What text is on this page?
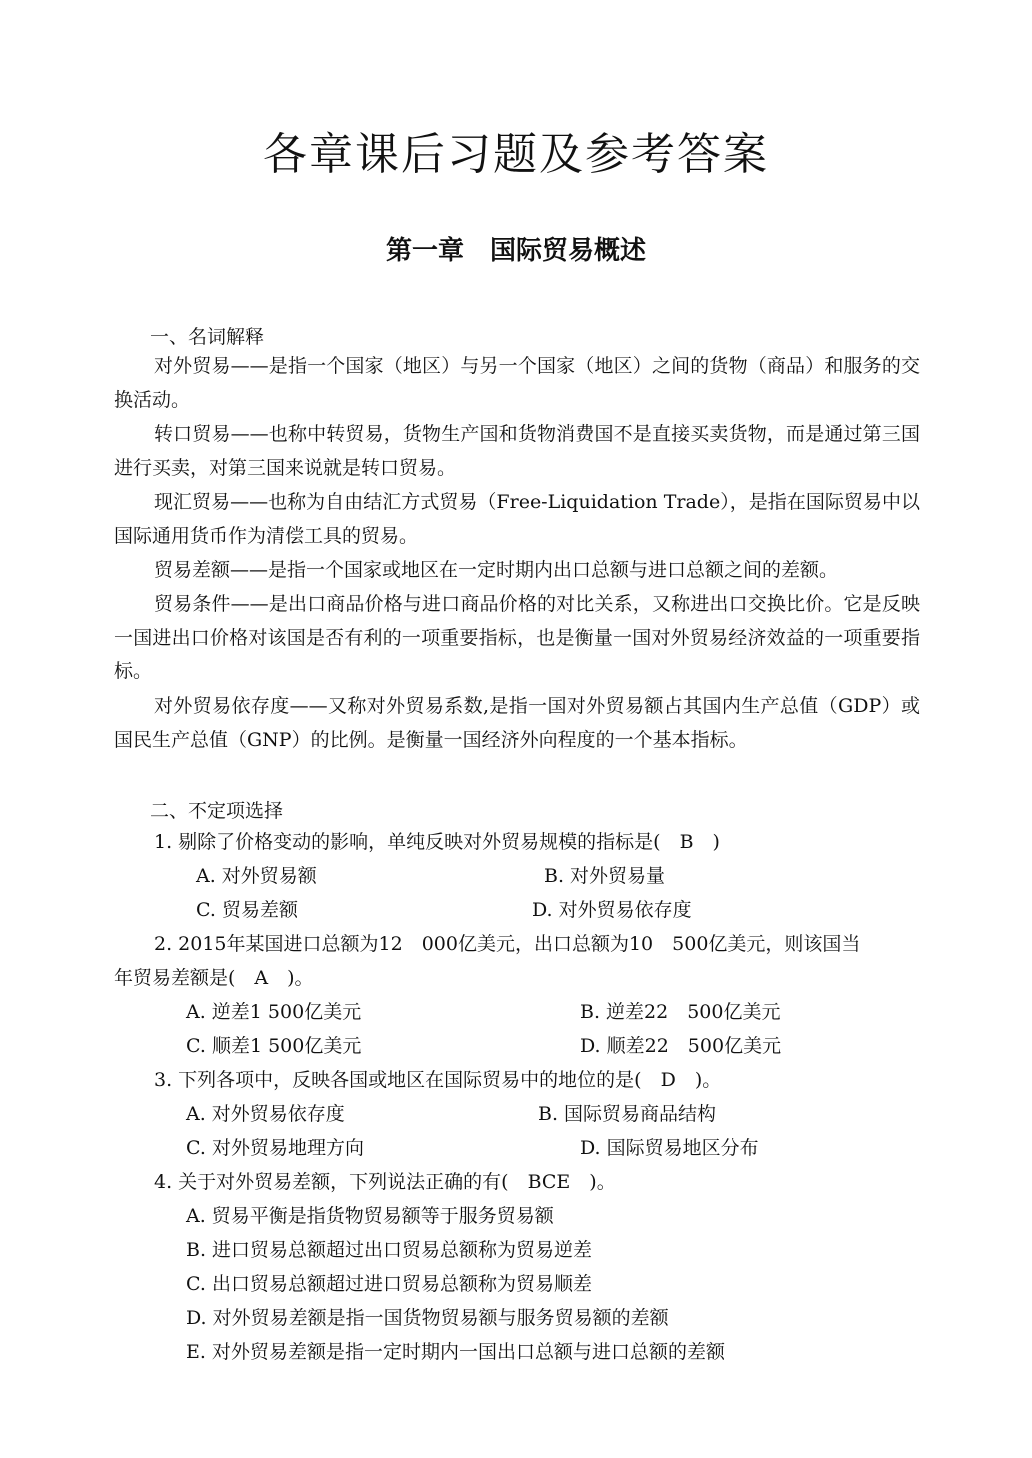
各章课后习题及参考答案
第一章　国际贸易概述
一、名词解释
对外贸易——是指一个国家（地区）与另一个国家（地区）之间的货物（商品）和服务的交换活动。
转口贸易——也称中转贸易，货物生产国和货物消费国不是直接买卖货物，而是通过第三国进行买卖，对第三国来说就是转口贸易。
现汇贸易——也称为自由结汇方式贸易（Free-Liquidation Trade），是指在国际贸易中以国际通用货币作为清偿工具的贸易。
贸易差额——是指一个国家或地区在一定时期内出口总额与进口总额之间的差额。
贸易条件——是出口商品价格与进口商品价格的对比关系，又称进出口交换比价。它是反映一国进出口价格对该国是否有利的一项重要指标，也是衡量一国对外贸易经济效益的一项重要指标。
对外贸易依存度——又称对外贸易系数,是指一国对外贸易额占其国内生产总值（GDP）或国民生产总值（GNP）的比例。是衡量一国经济外向程度的一个基本指标。
二、不定项选择
1. 剔除了价格变动的影响，单纯反映对外贸易规模的指标是(　B　)
A. 对外贸易额	B. 对外贸易量
C. 贸易差额	D. 对外贸易依存度
2. 2015年某国进口总额为12　000亿美元，出口总额为10　500亿美元，则该国当
年贸易差额是(　A　)。
A. 逆差1 500亿美元	B. 逆差22　500亿美元
C. 顺差1 500亿美元	D. 顺差22　500亿美元
3. 下列各项中，反映各国或地区在国际贸易中的地位的是(　D　)。
A. 对外贸易依存度	B. 国际贸易商品结构
C. 对外贸易地理方向	D. 国际贸易地区分布
4. 关于对外贸易差额，下列说法正确的有(　BCE　)。
A. 贸易平衡是指货物贸易额等于服务贸易额
B. 进口贸易总额超过出口贸易总额称为贸易逆差
C. 出口贸易总额超过进口贸易总额称为贸易顺差
D. 对外贸易差额是指一国货物贸易额与服务贸易额的差额
E. 对外贸易差额是指一定时期内一国出口总额与进口总额的差额
